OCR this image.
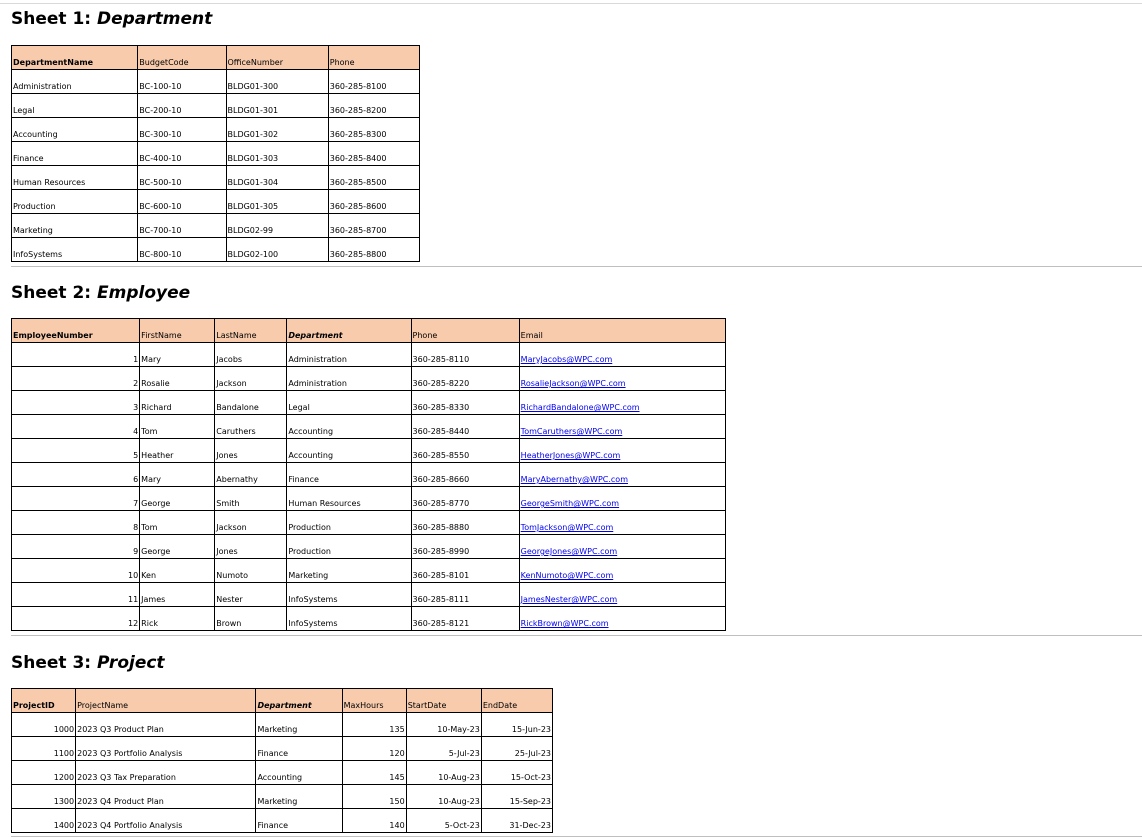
Sheet 1: Department
DepartmentName	BudgetCode	OfficeNumber	Phone
Administration	BC-100-10	BLDG01-300	360-285-8100
Legal	BC-200-10	BLDG01-301	360-285-8200
Accounting	BC-300-10	BLDG01-302	360-285-8300
Finance	BC-400-10	BLDG01-303	360-285-8400
Human Resources	BC-500-10	BLDG01-304	360-285-8500
Production	BC-600-10	BLDG01-305	360-285-8600
Marketing	BC-700-10	BLDG02-99	360-285-8700
InfoSystems	BC-800-10	BLDG02-100	360-285-8800
Sheet 2: Employee
EmployeeNumber	FirstName	LastName	Department	Phone	Email
1	Mary	Jacobs	Administration	360-285-8110	MaryJacobs@WPC.com
2	Rosalie	Jackson	Administration	360-285-8220	RosalieJackson@WPC.com
3	Richard	Bandalone	Legal	360-285-8330	RichardBandalone@WPC.com
4	Tom	Caruthers	Accounting	360-285-8440	TomCaruthers@WPC.com
5	Heather	Jones	Accounting	360-285-8550	HeatherJones@WPC.com
6	Mary	Abernathy	Finance	360-285-8660	MaryAbernathy@WPC.com
7	George	Smith	Human Resources	360-285-8770	GeorgeSmith@WPC.com
8	Tom	Jackson	Production	360-285-8880	TomJackson@WPC.com
9	George	Jones	Production	360-285-8990	GeorgeJones@WPC.com
10	Ken	Numoto	Marketing	360-285-8101	KenNumoto@WPC.com
11	James	Nester	InfoSystems	360-285-8111	JamesNester@WPC.com
12	Rick	Brown	InfoSystems	360-285-8121	RickBrown@WPC.com
Sheet 3: Project
ProjectID	ProjectName	Department	MaxHours	StartDate	EndDate
1000	2023 Q3 Product Plan	Marketing	135	10-May-23	15-Jun-23
1100	2023 Q3 Portfolio Analysis	Finance	120	5-Jul-23	25-Jul-23
1200	2023 Q3 Tax Preparation	Accounting	145	10-Aug-23	15-Oct-23
1300	2023 Q4 Product Plan	Marketing	150	10-Aug-23	15-Sep-23
1400	2023 Q4 Portfolio Analysis	Finance	140	5-Oct-23	31-Dec-23
